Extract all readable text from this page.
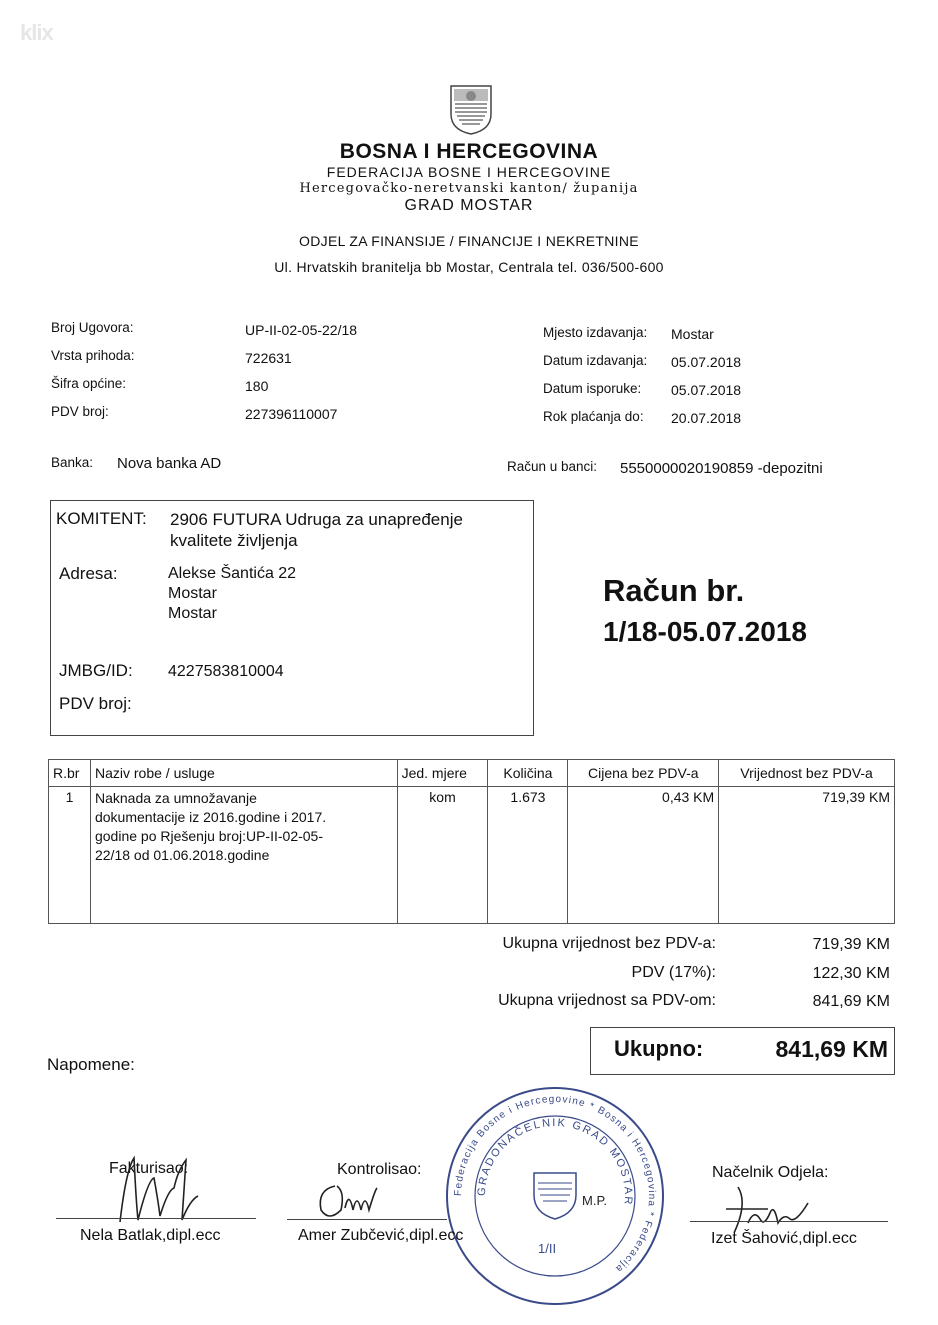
klix
BOSNA I HERCEGOVINA
FEDERACIJA BOSNE I HERCEGOVINE
Hercegovačko-neretvanski kanton/ županija
GRAD MOSTAR
ODJEL ZA FINANSIJE / FINANCIJE I NEKRETNINE
Ul. Hrvatskih branitelja bb Mostar, Centrala tel. 036/500-600
Broj Ugovora:	UP-II-02-05-22/18
Vrsta prihoda:	722631
Šifra općine:	180
PDV broj:	227396110007
Mjesto izdavanja: Mostar
Datum izdavanja: 05.07.2018
Datum isporuke: 05.07.2018
Rok plaćanja do: 20.07.2018
Banka: Nova banka AD	Račun u banci: 5550000020190859 -depozitni
KOMITENT: 2906 FUTURA Udruga za unapređenje
kvalitete življenja
Adresa:	Alekse Šantića 22
Mostar
Mostar
JMBG/ID: 4227583810004
PDV broj:
Račun br.
1/18-05.07.2018
R.br	Naziv robe / usluge	Jed. mjere	Količina	Cijena bez PDV-a	Vrijednost bez PDV-a
1	Naknada za umnožavanje
dokumentacije iz 2016.godine i 2017.
godine po Rješenju broj:UP-II-02-05-
22/18 od 01.06.2018.godine	kom	1.673	0,43 KM	719,39 KM
Ukupna vrijednost bez PDV-a:	719,39 KM
PDV (17%):	122,30 KM
Ukupna vrijednost sa PDV-om:	841,69 KM
Ukupno:	841,69 KM
Napomene:
Federacija Bosne i Hercegovine * Bosna i Hercegovina * Federacija
GRADONAČELNIK GRAD MOSTAR
M.P.
1/II
Fakturisao:
Nela Batlak,dipl.ecc
Kontrolisao:
Amer Zubčević,dipl.ecc
Načelnik Odjela:
Izet Šahović,dipl.ecc
